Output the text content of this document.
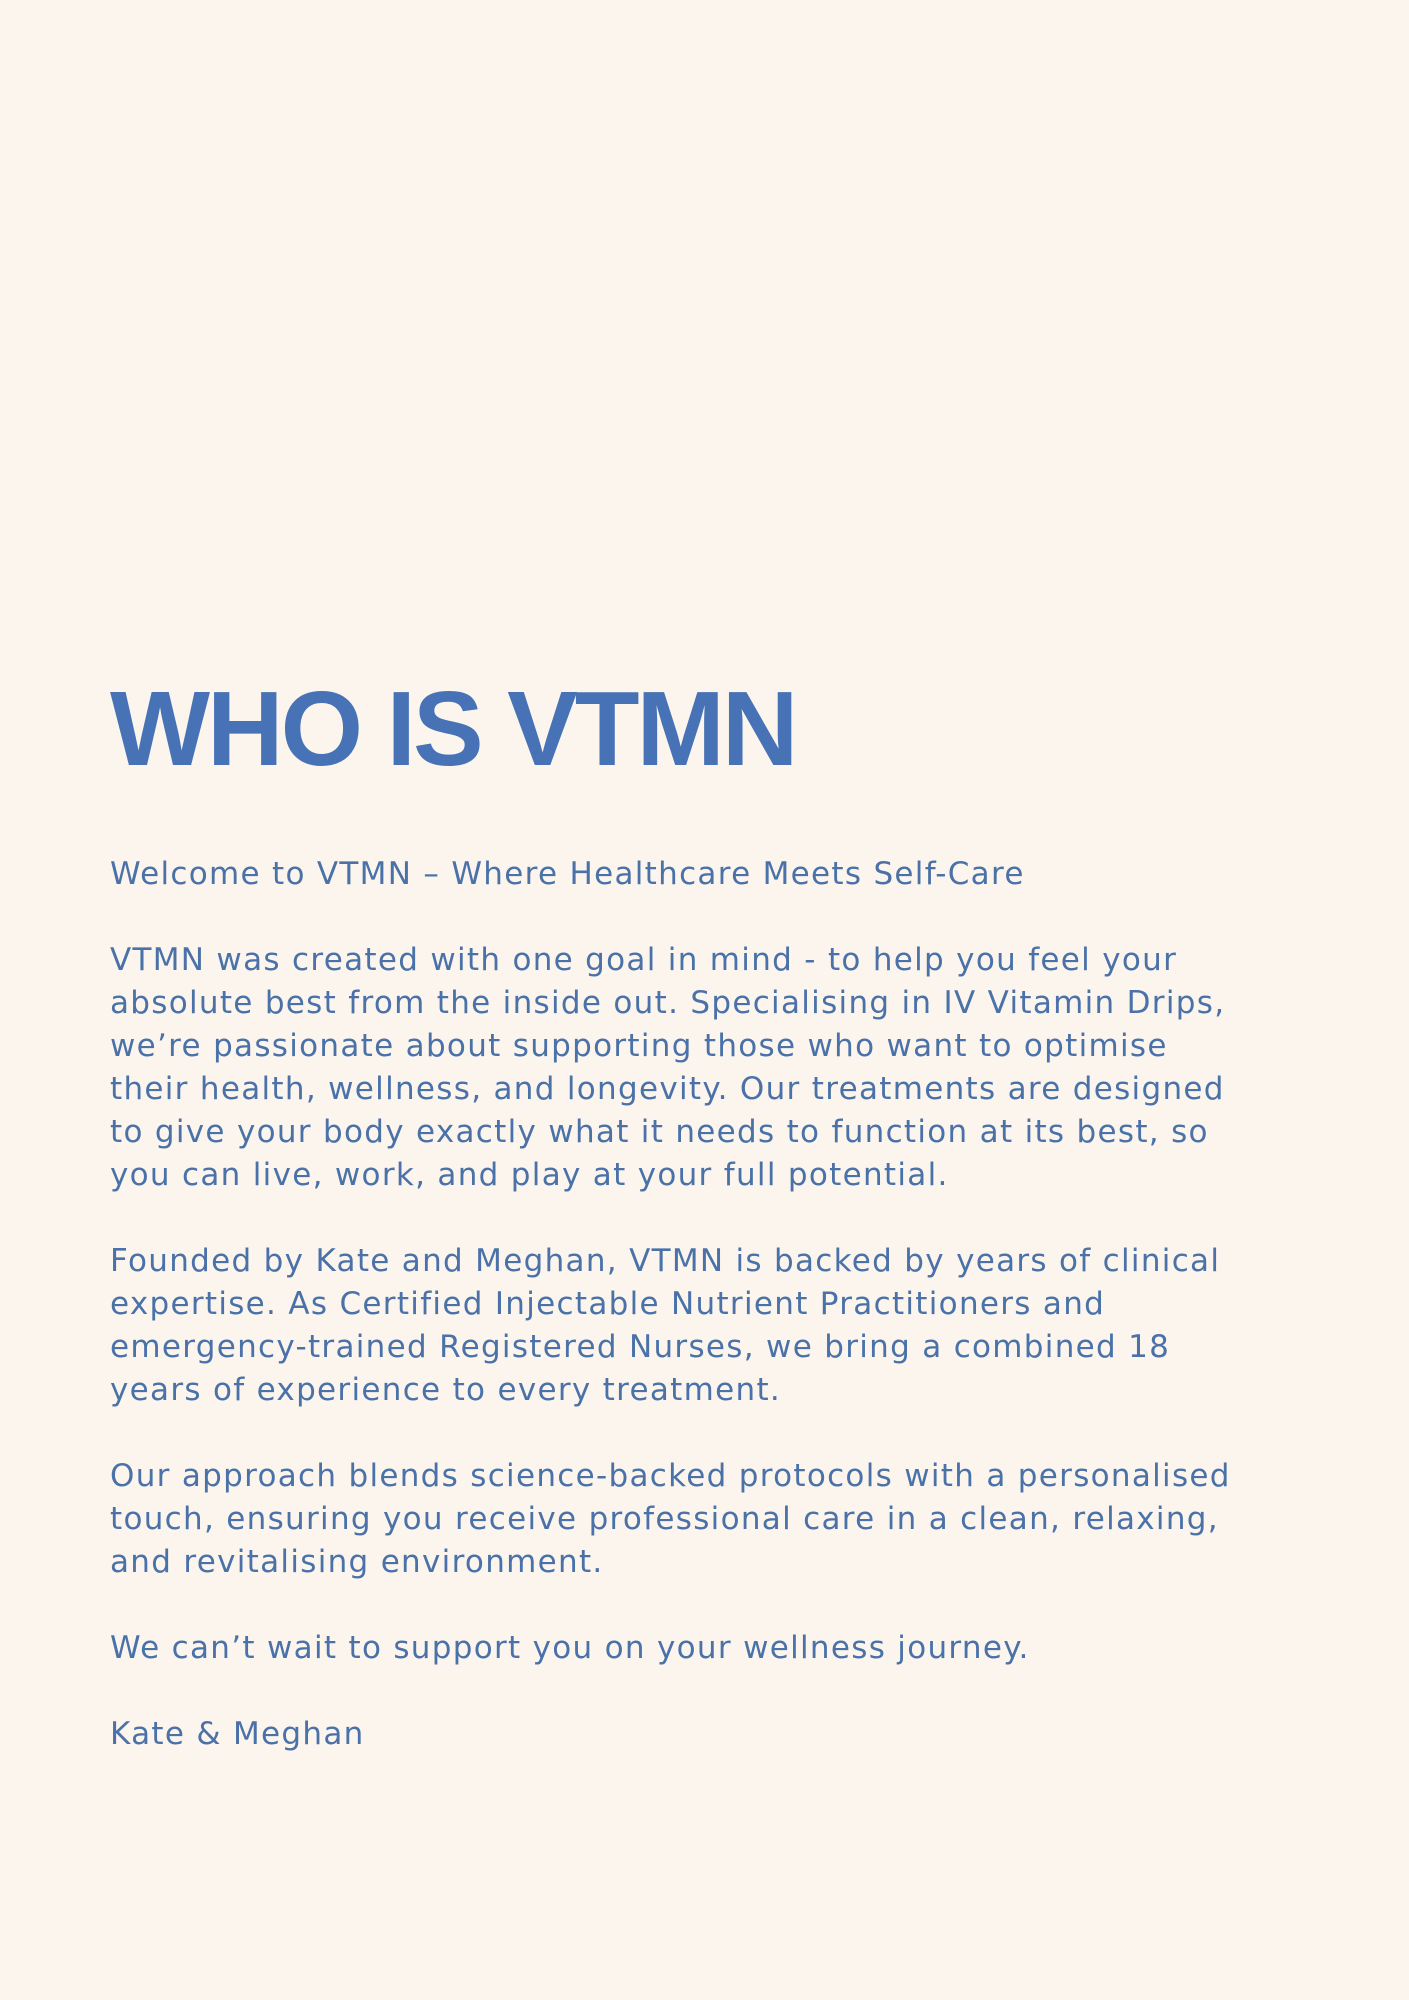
WHO IS VTMN

Welcome to VTMN – Where Healthcare Meets Self-Care

VTMN was created with one goal in mind - to help you feel your
absolute best from the inside out. Specialising in IV Vitamin Drips,
we’re passionate about supporting those who want to optimise
their health, wellness, and longevity. Our treatments are designed
to give your body exactly what it needs to function at its best, so
you can live, work, and play at your full potential.

Founded by Kate and Meghan, VTMN is backed by years of clinical
expertise. As Certified Injectable Nutrient Practitioners and
emergency-trained Registered Nurses, we bring a combined 18
years of experience to every treatment.

Our approach blends science-backed protocols with a personalised
touch, ensuring you receive professional care in a clean, relaxing,
and revitalising environment.

We can’t wait to support you on your wellness journey.

Kate & Meghan
